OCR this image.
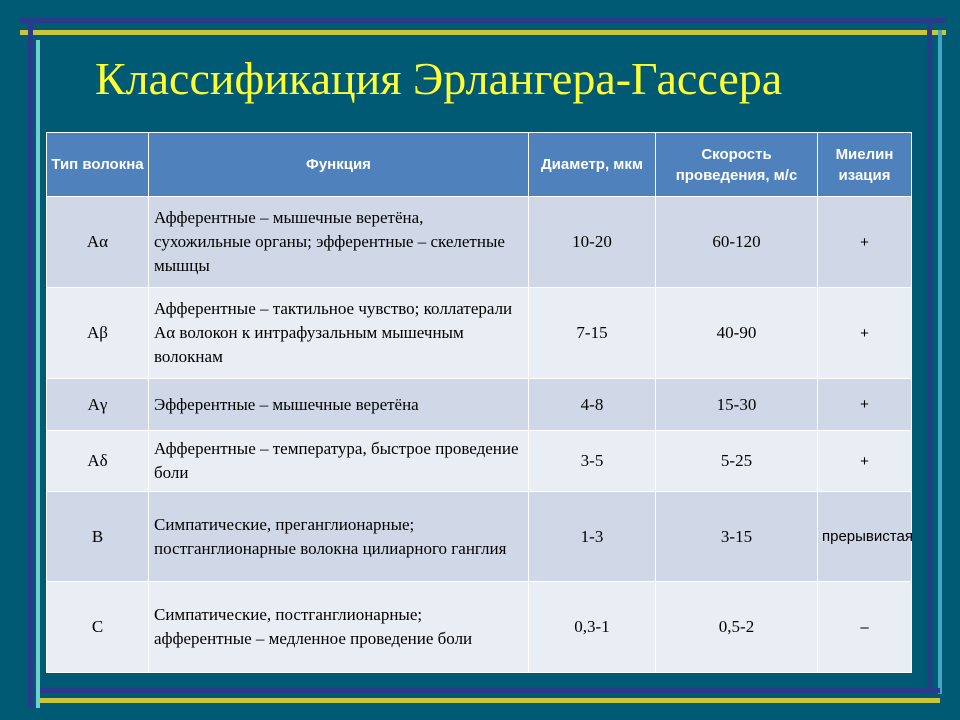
Классификация Эрлангера-Гассера
Тип волокна	Функция	Диаметр, мкм	Скорость проведения, м/с	Миелин изация
Aα	Афферентные – мышечные веретёна, сухожильные органы; эфферентные – скелетные мышцы	10-20	60-120	+
Aβ	Афферентные – тактильное чувство; коллатерали Aα волокон к интрафузальным мышечным волокнам	7-15	40-90	+
Aγ	Эфферентные – мышечные веретёна	4-8	15-30	+
Aδ	Афферентные – температура, быстрое проведение боли	3-5	5-25	+
B	Симпатические, преганглионарные; постганглионарные волокна цилиарного ганглия	1-3	3-15	прерывистая
C	Симпатические, постганглионарные; афферентные – медленное проведение боли	0,3-1	0,5-2	–
